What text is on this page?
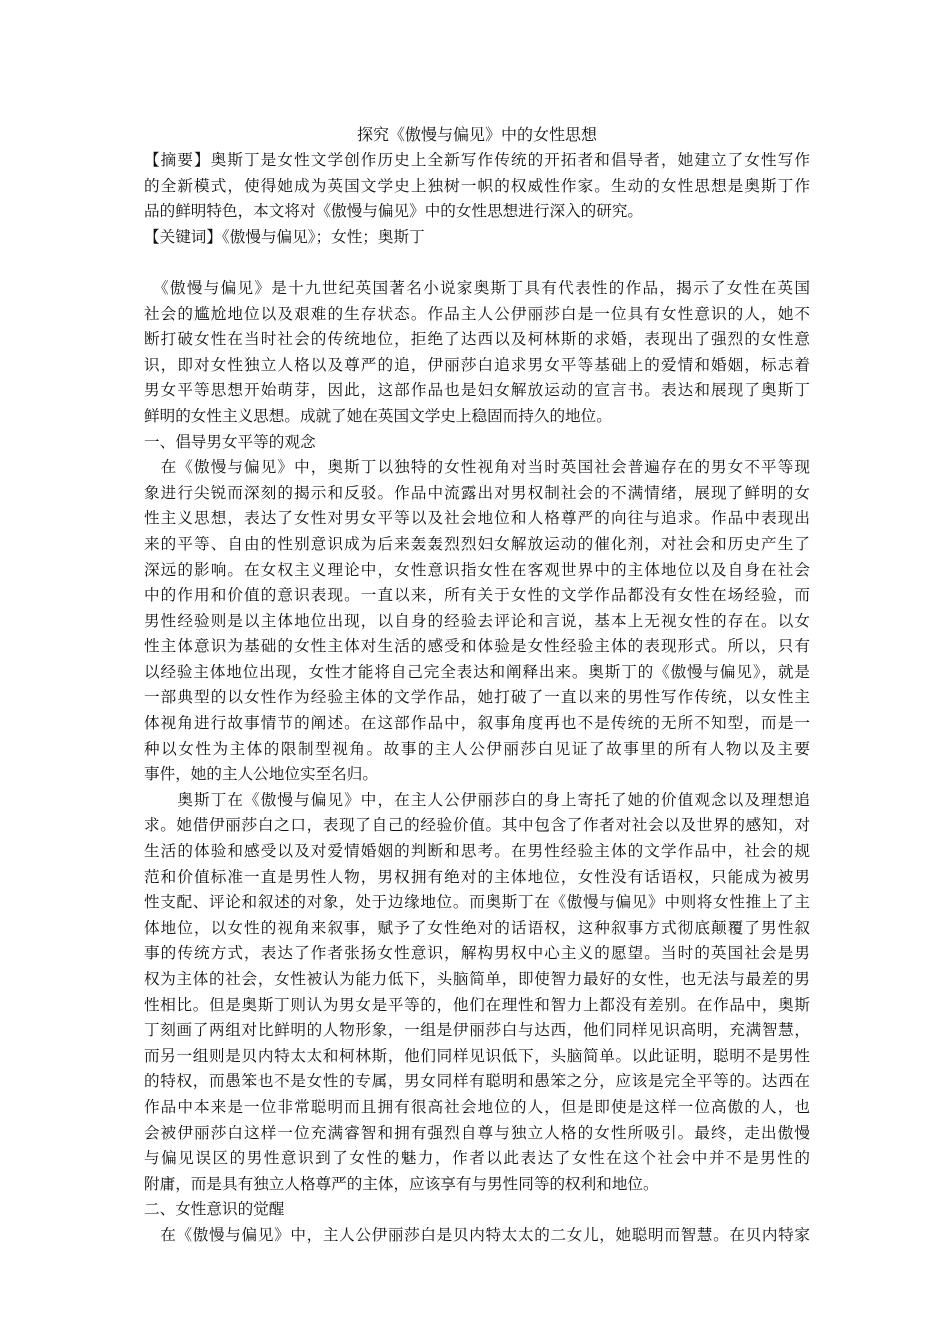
探究《傲慢与偏见》中的女性思想

【摘要】奥斯丁是女性文学创作历史上全新写作传统的开拓者和倡导者，她建立了女性写作

的全新模式，使得她成为英国文学史上独树一帜的权威性作家。生动的女性思想是奥斯丁作

品的鲜明特色，本文将对《傲慢与偏见》中的女性思想进行深入的研究。

【关键词】《傲慢与偏见》；女性；奥斯丁

　《傲慢与偏见》是十九世纪英国著名小说家奥斯丁具有代表性的作品，揭示了女性在英国

社会的尴尬地位以及艰难的生存状态。作品主人公伊丽莎白是一位具有女性意识的人，她不

断打破女性在当时社会的传统地位，拒绝了达西以及柯林斯的求婚，表现出了强烈的女性意

识，即对女性独立人格以及尊严的追，伊丽莎白追求男女平等基础上的爱情和婚姻，标志着

男女平等思想开始萌芽，因此，这部作品也是妇女解放运动的宣言书。表达和展现了奥斯丁

鲜明的女性主义思想。成就了她在英国文学史上稳固而持久的地位。

一、倡导男女平等的观念

　在《傲慢与偏见》中，奥斯丁以独特的女性视角对当时英国社会普遍存在的男女不平等现

象进行尖锐而深刻的揭示和反驳。作品中流露出对男权制社会的不满情绪，展现了鲜明的女

性主义思想，表达了女性对男女平等以及社会地位和人格尊严的向往与追求。作品中表现出

来的平等、自由的性别意识成为后来轰轰烈烈妇女解放运动的催化剂，对社会和历史产生了

深远的影响。在女权主义理论中，女性意识指女性在客观世界中的主体地位以及自身在社会

中的作用和价值的意识表现。一直以来，所有关于女性的文学作品都没有女性在场经验，而

男性经验则是以主体地位出现，以自身的经验去评论和言说，基本上无视女性的存在。以女

性主体意识为基础的女性主体对生活的感受和体验是女性经验主体的表现形式。所以，只有

以经验主体地位出现，女性才能将自己完全表达和阐释出来。奥斯丁的《傲慢与偏见》，就是

一部典型的以女性作为经验主体的文学作品，她打破了一直以来的男性写作传统，以女性主

体视角进行故事情节的阐述。在这部作品中，叙事角度再也不是传统的无所不知型，而是一

种以女性为主体的限制型视角。故事的主人公伊丽莎白见证了故事里的所有人物以及主要

事件，她的主人公地位实至名归。

　　奥斯丁在《傲慢与偏见》中，在主人公伊丽莎白的身上寄托了她的价值观念以及理想追

求。她借伊丽莎白之口，表现了自己的经验价值。其中包含了作者对社会以及世界的感知，对

生活的体验和感受以及对爱情婚姻的判断和思考。在男性经验主体的文学作品中，社会的规

范和价值标准一直是男性人物，男权拥有绝对的主体地位，女性没有话语权，只能成为被男

性支配、评论和叙述的对象，处于边缘地位。而奥斯丁在《傲慢与偏见》中则将女性推上了主

体地位，以女性的视角来叙事，赋予了女性绝对的话语权，这种叙事方式彻底颠覆了男性叙

事的传统方式，表达了作者张扬女性意识，解构男权中心主义的愿望。当时的英国社会是男

权为主体的社会，女性被认为能力低下，头脑简单，即使智力最好的女性，也无法与最差的男

性相比。但是奥斯丁则认为男女是平等的，他们在理性和智力上都没有差别。在作品中，奥斯

丁刻画了两组对比鲜明的人物形象，一组是伊丽莎白与达西，他们同样见识高明，充满智慧，

而另一组则是贝内特太太和柯林斯，他们同样见识低下，头脑简单。以此证明，聪明不是男性

的特权，而愚笨也不是女性的专属，男女同样有聪明和愚笨之分，应该是完全平等的。达西在

作品中本来是一位非常聪明而且拥有很高社会地位的人，但是即使是这样一位高傲的人，也

会被伊丽莎白这样一位充满睿智和拥有强烈自尊与独立人格的女性所吸引。最终，走出傲慢

与偏见误区的男性意识到了女性的魅力，作者以此表达了女性在这个社会中并不是男性的

附庸，而是具有独立人格尊严的主体，应该享有与男性同等的权利和地位。

二、女性意识的觉醒

　在《傲慢与偏见》中，主人公伊丽莎白是贝内特太太的二女儿，她聪明而智慧。在贝内特家
